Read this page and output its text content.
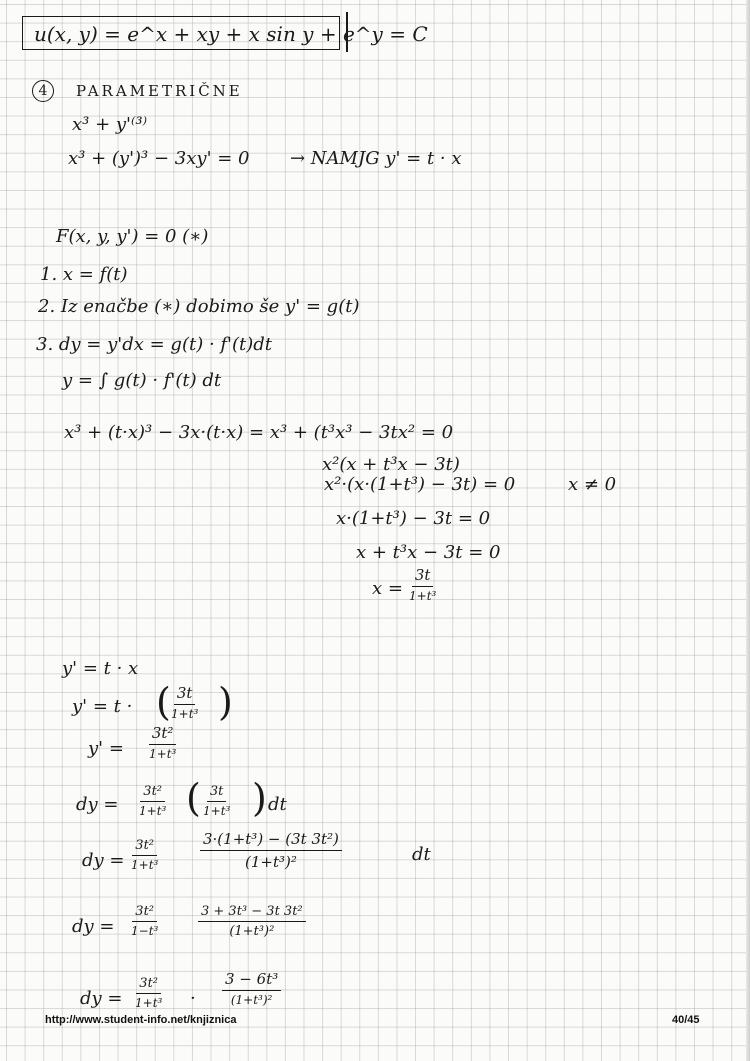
u(x, y) = e^x + xy + x sin y + e^y = C
4	PARAMETRIČNE
x³ + y'⁽³⁾
x³ + (y')³ − 3xy' = 0 → NAMJG y' = t · x
F(x, y, y') = 0 (∗)
1. x = f(t)
2. Iz enačbe (∗) dobimo še y' = g(t)
3. dy = y'dx = g(t) · f'(t)dt
y = ∫ g(t) · f'(t) dt
x³ + (t·x)³ − 3x·(t·x) = x³ + (t³x³ − 3tx² = 0
x²(x + t³x − 3t)
x²·(x·(1+t³) − 3t) = 0	x ≠ 0
x·(1+t³) − 3t = 0
x + t³x − 3t = 0
x =
3t
1+t³
y' = t · x
y' = t · ( 3t
1+t³ )
y' =
3t²
1+t³
dy = $\frac{\text{3t²}}{\text{1+t³}}$ ( $\frac{3t}{\text{1+t³}}$ ) dt
dy = $\frac{\text{3t²}}{\text{1+t³}}$	$\frac{\text{3·(1+t³) − (3t 3t²)}}{\text{(1+t³)²}}$	dt
dy = $\frac{\text{3t²}}{\text{1−t³}}$	$\frac{\text{3 + 3t³ − 3t 3t²}}{\text{(1+t³)²}}$
dy = $\frac{\text{3t²}}{\text{1+t³}}$ ·
3 − 6t³
(1+t³)²
http://www.student-info.net/knjiznica	40/45
